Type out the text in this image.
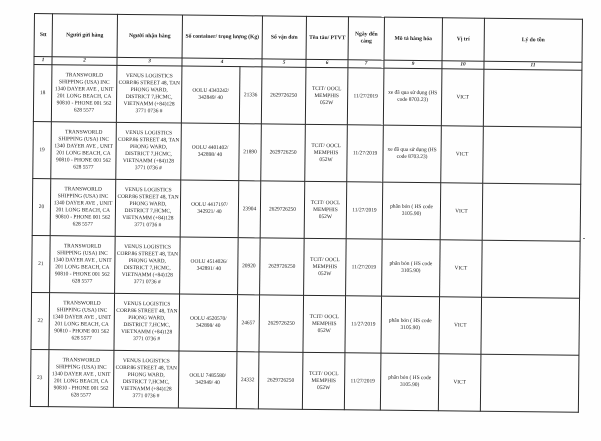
Stt	Người gửi hàng	Người nhận hàng	Số container/ trọng lượng (Kg)		Số vận đơn	Tên tàu/ PTVT	Ngày đến cảng	Mô tả hàng hóa	Vị trí	Lý do tồn
1	2	3	4		5	6	7	9	10	11
18	TRANSWORLD SHIPPING (USA) INC 1340 DAYER AVE , UNIT 201 LONG BEACH, CA 90810 - PHONE 001 562 628 5577	VENUS LOGISTICS CORP.86 STREET 48, TAN PHONG WARD, DISTRICT 7,HCMC, VIETNAMM (+84)128 3771 0736 #	OOLU 4343242/ 342849/ 40	21336	2629726250	TCIT/ OOCL MEMPHIS 052W	11/27/2019	xe đã qua sử dụng (HS code 8703.23)	VICT	
19	TRANSWORLD SHIPPING (USA) INC 1340 DAYER AVE , UNIT 201 LONG BEACH, CA 90810 - PHONE 001 562 628 5577	VENUS LOGISTICS CORP.86 STREET 48, TAN PHONG WARD, DISTRICT 7,HCMC, VIETNAMM (+84)128 3771 0736 #	OOLU 4401402/ 342898/ 40	21890	2629726250	TCIT/ OOCL MEMPHIS 052W	11/27/2019	xe đã qua sử dụng (HS code 8703.23)	VICT	
20	TRANSWORLD SHIPPING (USA) INC 1340 DAYER AVE , UNIT 201 LONG BEACH, CA 90810 - PHONE 001 562 628 5577	VENUS LOGISTICS CORP.86 STREET 48, TAN PHONG WARD, DISTRICT 7,HCMC, VIETNAMM (+84)128 3771 0736 #	OOLU 4417197/ 342921/ 40	23904	2629726250	TCIT/ OOCL MEMPHIS 052W	11/27/2019	phân bón ( HS code 3105.90)	VICT	
21	TRANSWORLD SHIPPING (USA) INC 1340 DAYER AVE , UNIT 201 LONG BEACH, CA 90810 - PHONE 001 562 628 5577	VENUS LOGISTICS CORP.86 STREET 48, TAN PHONG WARD, DISTRICT 7,HCMC, VIETNAMM (+84)128 3771 0736 #	OOLU 4514026/ 342891/ 40	20920	2629726250	TCIT/ OOCL MEMPHIS 052W	11/27/2019	phân bón ( HS code 3105.90)	VICT	
22	TRANSWORLD SHIPPING (USA) INC 1340 DAYER AVE , UNIT 201 LONG BEACH, CA 90810 - PHONE 001 562 628 5577	VENUS LOGISTICS CORP.86 STREET 48, TAN PHONG WARD, DISTRICT 7,HCMC, VIETNAMM (+84)128 3771 0736 #	OOLU 4520570/ 342898/ 40	24657	2629726250	TCIT/ OOCL MEMPHIS 052W	11/27/2019	phân bón ( HS code 3105.90)	VICT	
23	TRANSWORLD SHIPPING (USA) INC 1340 DAYER AVE , UNIT 201 LONG BEACH, CA 90810 - PHONE 001 562 628 5577	VENUS LOGISTICS CORP.86 STREET 48, TAN PHONG WARD, DISTRICT 7,HCMC, VIETNAMM (+84)128 3771 0736 #	OOLU 7485580/ 342949/ 40	24332	2629726250	TCIT/ OOCL MEMPHIS 052W	11/27/2019	phân bón ( HS code 3105.90)	VICT	
